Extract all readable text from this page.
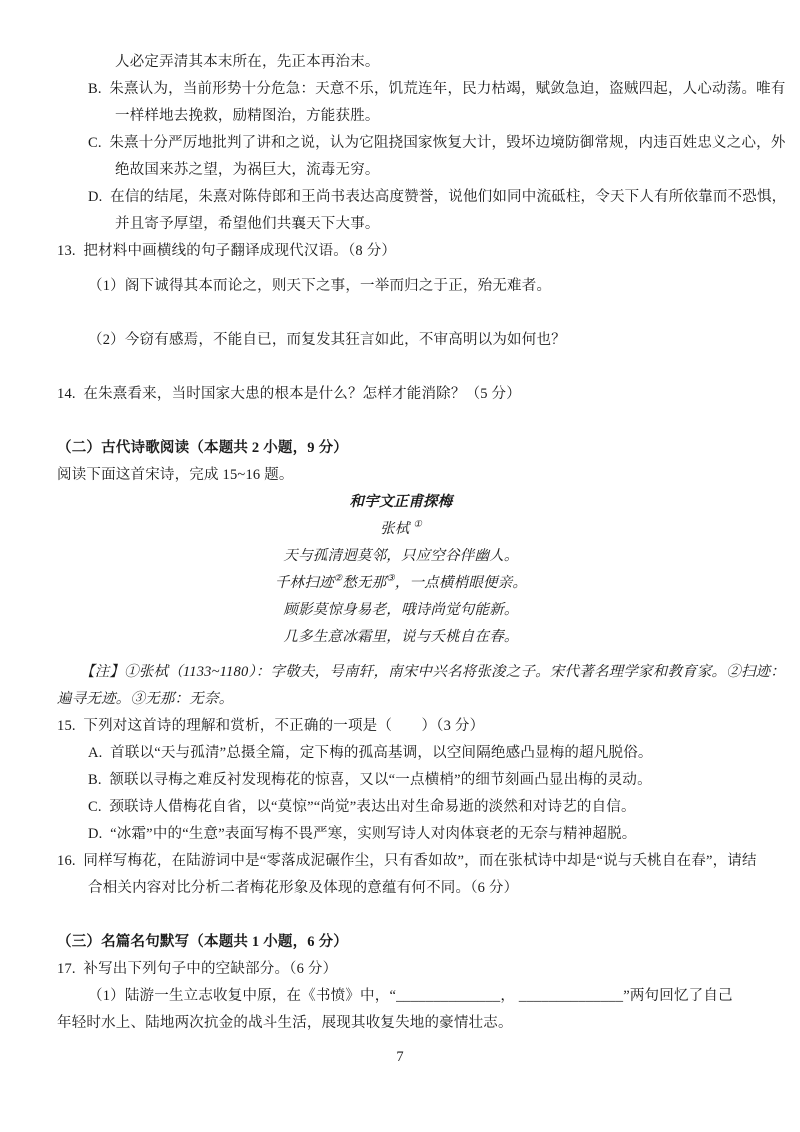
人必定弄清其本末所在，先正本再治末。
B.  朱熹认为，当前形势十分危急：天意不乐，饥荒连年，民力枯竭，赋敛急迫，盗贼四起，人心动荡。唯有
一样样地去挽救，励精图治，方能获胜。
C.  朱熹十分严厉地批判了讲和之说，认为它阻挠国家恢复大计，毁坏边境防御常规，内违百姓忠义之心，外
绝故国来苏之望，为祸巨大，流毒无穷。
D.  在信的结尾，朱熹对陈侍郎和王尚书表达高度赞誉，说他们如同中流砥柱，令天下人有所依靠而不恐惧，
并且寄予厚望，希望他们共襄天下大事。
13.  把材料中画横线的句子翻译成现代汉语。（8 分）
（1）阁下诚得其本而论之，则天下之事，一举而归之于正，殆无难者。
（2）今窃有感焉，不能自已，而复发其狂言如此，不审高明以为如何也？
14.  在朱熹看来，当时国家大患的根本是什么？怎样才能消除？（5 分）
（二）古代诗歌阅读（本题共 2 小题，9 分）
阅读下面这首宋诗，完成 15~16 题。
和宇文正甫探梅
张栻 ①
天与孤清迥莫邻，只应空谷伴幽人。
千林扫迹②愁无那③，一点横梢眼便亲。
顾影莫惊身易老，哦诗尚觉句能新。
几多生意冰霜里，说与夭桃自在春。
【注】①张栻（1133~1180）：字敬夫，号南轩，南宋中兴名将张浚之子。宋代著名理学家和教育家。②扫迹：
遍寻无迹。③无那：无奈。
15.  下列对这首诗的理解和赏析，不正确的一项是（　　）（3 分）
A.  首联以“天与孤清”总摄全篇，定下梅的孤高基调，以空间隔绝感凸显梅的超凡脱俗。
B.  颔联以寻梅之难反衬发现梅花的惊喜，又以“一点横梢”的细节刻画凸显出梅的灵动。
C.  颈联诗人借梅花自省，以“莫惊”“尚觉”表达出对生命易逝的淡然和对诗艺的自信。
D.  “冰霜”中的“生意”表面写梅不畏严寒，实则写诗人对肉体衰老的无奈与精神超脱。
16.  同样写梅花，在陆游词中是“零落成泥碾作尘，只有香如故”，而在张栻诗中却是“说与夭桃自在春”，请结
合相关内容对比分析二者梅花形象及体现的意蕴有何不同。（6 分）
（三）名篇名句默写（本题共 1 小题，6 分）
17.  补写出下列句子中的空缺部分。（6 分）
（1）陆游一生立志收复中原，在《书愤》中，“______________， ______________”两句回忆了自己
年轻时水上、陆地两次抗金的战斗生活，展现其收复失地的豪情壮志。
7
